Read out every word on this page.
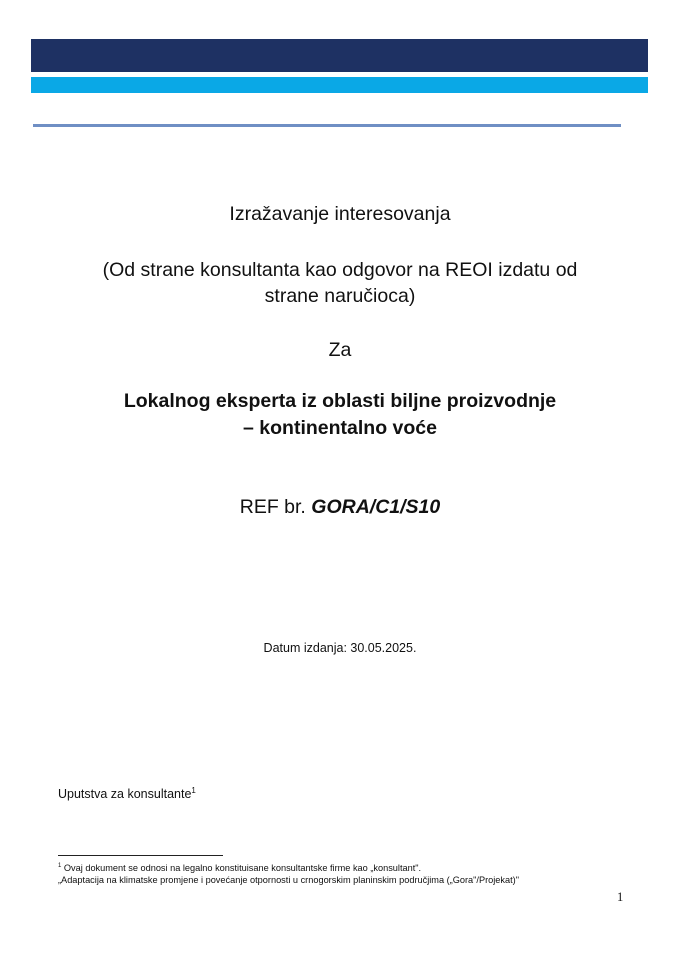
Izražavanje interesovanja
(Od strane konsultanta kao odgovor na REOI izdatu od
strane naručioca)
Za
Lokalnog eksperta iz oblasti biljne proizvodnje
– kontinentalno voće
REF br. GORA/C1/S10
Datum izdanja: 30.05.2025.
Uputstva za konsultante$^1$
$^1$ Ovaj dokument se odnosi na legalno konstituisane konsultantske firme kao „konsultant".
„Adaptacija na klimatske promjene i povećanje otpornosti u crnogorskim planinskim područjima („Gora"/Projekat)"
1
